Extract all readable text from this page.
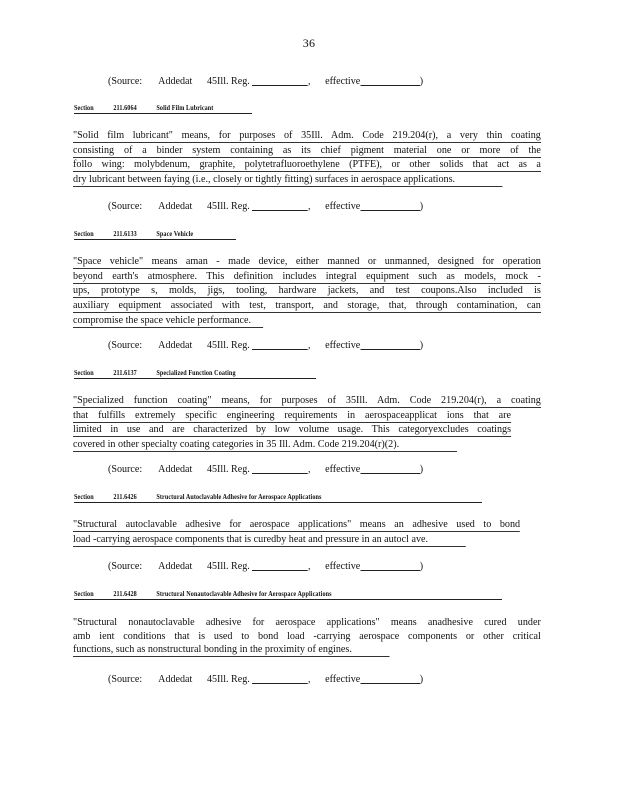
36
(Source: Addedat 45Ill. Reg.	, effective	)
Section	211.6064	Solid Film Lubricant
"Solid film lubricant" means, for purposes of 35Ill. Adm. Code 219.204(r), a very thin coating
consisting of a binder system containing as its chief pigment material one or more of the
follo wing: molybdenum, graphite, polytetrafluoroethylene (PTFE), or other solids that act as a
dry lubricant between faying (i.e., closely or tightly fitting) surfaces in aerospace applications.
(Source: Addedat 45Ill. Reg.	, effective	)
Section	211.6133	Space Vehicle
"Space vehicle" means aman - made device, either manned or unmanned, designed for operation
beyond earth's atmosphere. This definition includes integral equipment such as models, mock -
ups, prototype s, molds, jigs, tooling, hardware jackets, and test coupons.Also included is
auxiliary equipment associated with test, transport, and storage, that, through contamination, can
compromise the space vehicle performance.
(Source: Addedat 45Ill. Reg.	, effective	)
Section	211.6137	Specialized Function Coating
"Specialized function coating" means, for purposes of 35Ill. Adm. Code 219.204(r), a coating
that fulfills extremely specific engineering requirements in aerospaceapplicat ions that are
limited in use and are characterized by low volume usage. This categoryexcludes coatings
covered in other specialty coating categories in 35 Ill. Adm. Code 219.204(r)(2).
(Source: Addedat 45Ill. Reg.	, effective	)
Section	211.6426	Structural Autoclavable Adhesive for Aerospace Applications
"Structural autoclavable adhesive for aerospace applications" means an adhesive used to bond
load -carrying aerospace components that is curedby heat and pressure in an autocl ave.
(Source: Addedat 45Ill. Reg.	, effective	)
Section	211.6428	Structural Nonautoclavable Adhesive for Aerospace Applications
"Structural nonautoclavable adhesive for aerospace applications" means anadhesive cured under
amb ient conditions that is used to bond load -carrying aerospace components or other critical
functions, such as nonstructural bonding in the proximity of engines.
(Source: Addedat 45Ill. Reg.	, effective	)
